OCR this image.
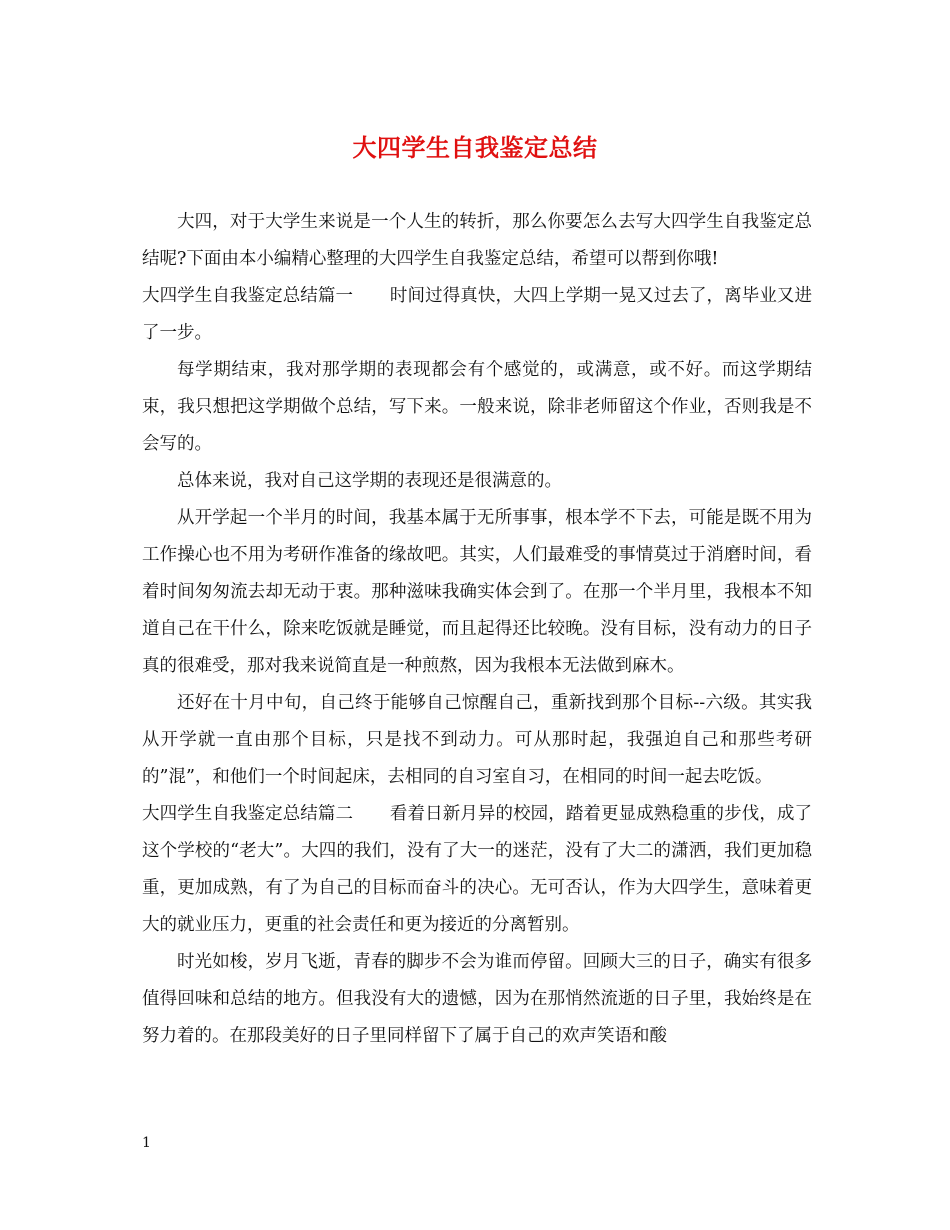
大四学生自我鉴定总结

大四，对于大学生来说是一个人生的转折，那么你要怎么去写大四学生自我鉴定总结呢?下面由本小编精心整理的大四学生自我鉴定总结，希望可以帮到你哦!

大四学生自我鉴定总结篇一 时间过得真快，大四上学期一晃又过去了，离毕业又进了一步。

每学期结束，我对那学期的表现都会有个感觉的，或满意，或不好。而这学期结束，我只想把这学期做个总结，写下来。一般来说，除非老师留这个作业，否则我是不会写的。

总体来说，我对自己这学期的表现还是很满意的。

从开学起一个半月的时间，我基本属于无所事事，根本学不下去，可能是既不用为工作操心也不用为考研作准备的缘故吧。其实，人们最难受的事情莫过于消磨时间，看着时间匆匆流去却无动于衷。那种滋味我确实体会到了。在那一个半月里，我根本不知道自己在干什么，除来吃饭就是睡觉，而且起得还比较晚。没有目标，没有动力的日子真的很难受，那对我来说简直是一种煎熬，因为我根本无法做到麻木。

还好在十月中旬，自己终于能够自己惊醒自己，重新找到那个目标--六级。其实我从开学就一直由那个目标，只是找不到动力。可从那时起，我强迫自己和那些考研的”混”，和他们一个时间起床，去相同的自习室自习，在相同的时间一起去吃饭。

大四学生自我鉴定总结篇二 看着日新月异的校园，踏着更显成熟稳重的步伐，成了这个学校的“老大”。大四的我们，没有了大一的迷茫，没有了大二的潇洒，我们更加稳重，更加成熟，有了为自己的目标而奋斗的决心。无可否认，作为大四学生，意味着更大的就业压力，更重的社会责任和更为接近的分离暂别。

时光如梭，岁月飞逝，青春的脚步不会为谁而停留。回顾大三的日子，确实有很多值得回味和总结的地方。但我没有大的遗憾，因为在那悄然流逝的日子里，我始终是在努力着的。在那段美好的日子里同样留下了属于自己的欢声笑语和酸

1
